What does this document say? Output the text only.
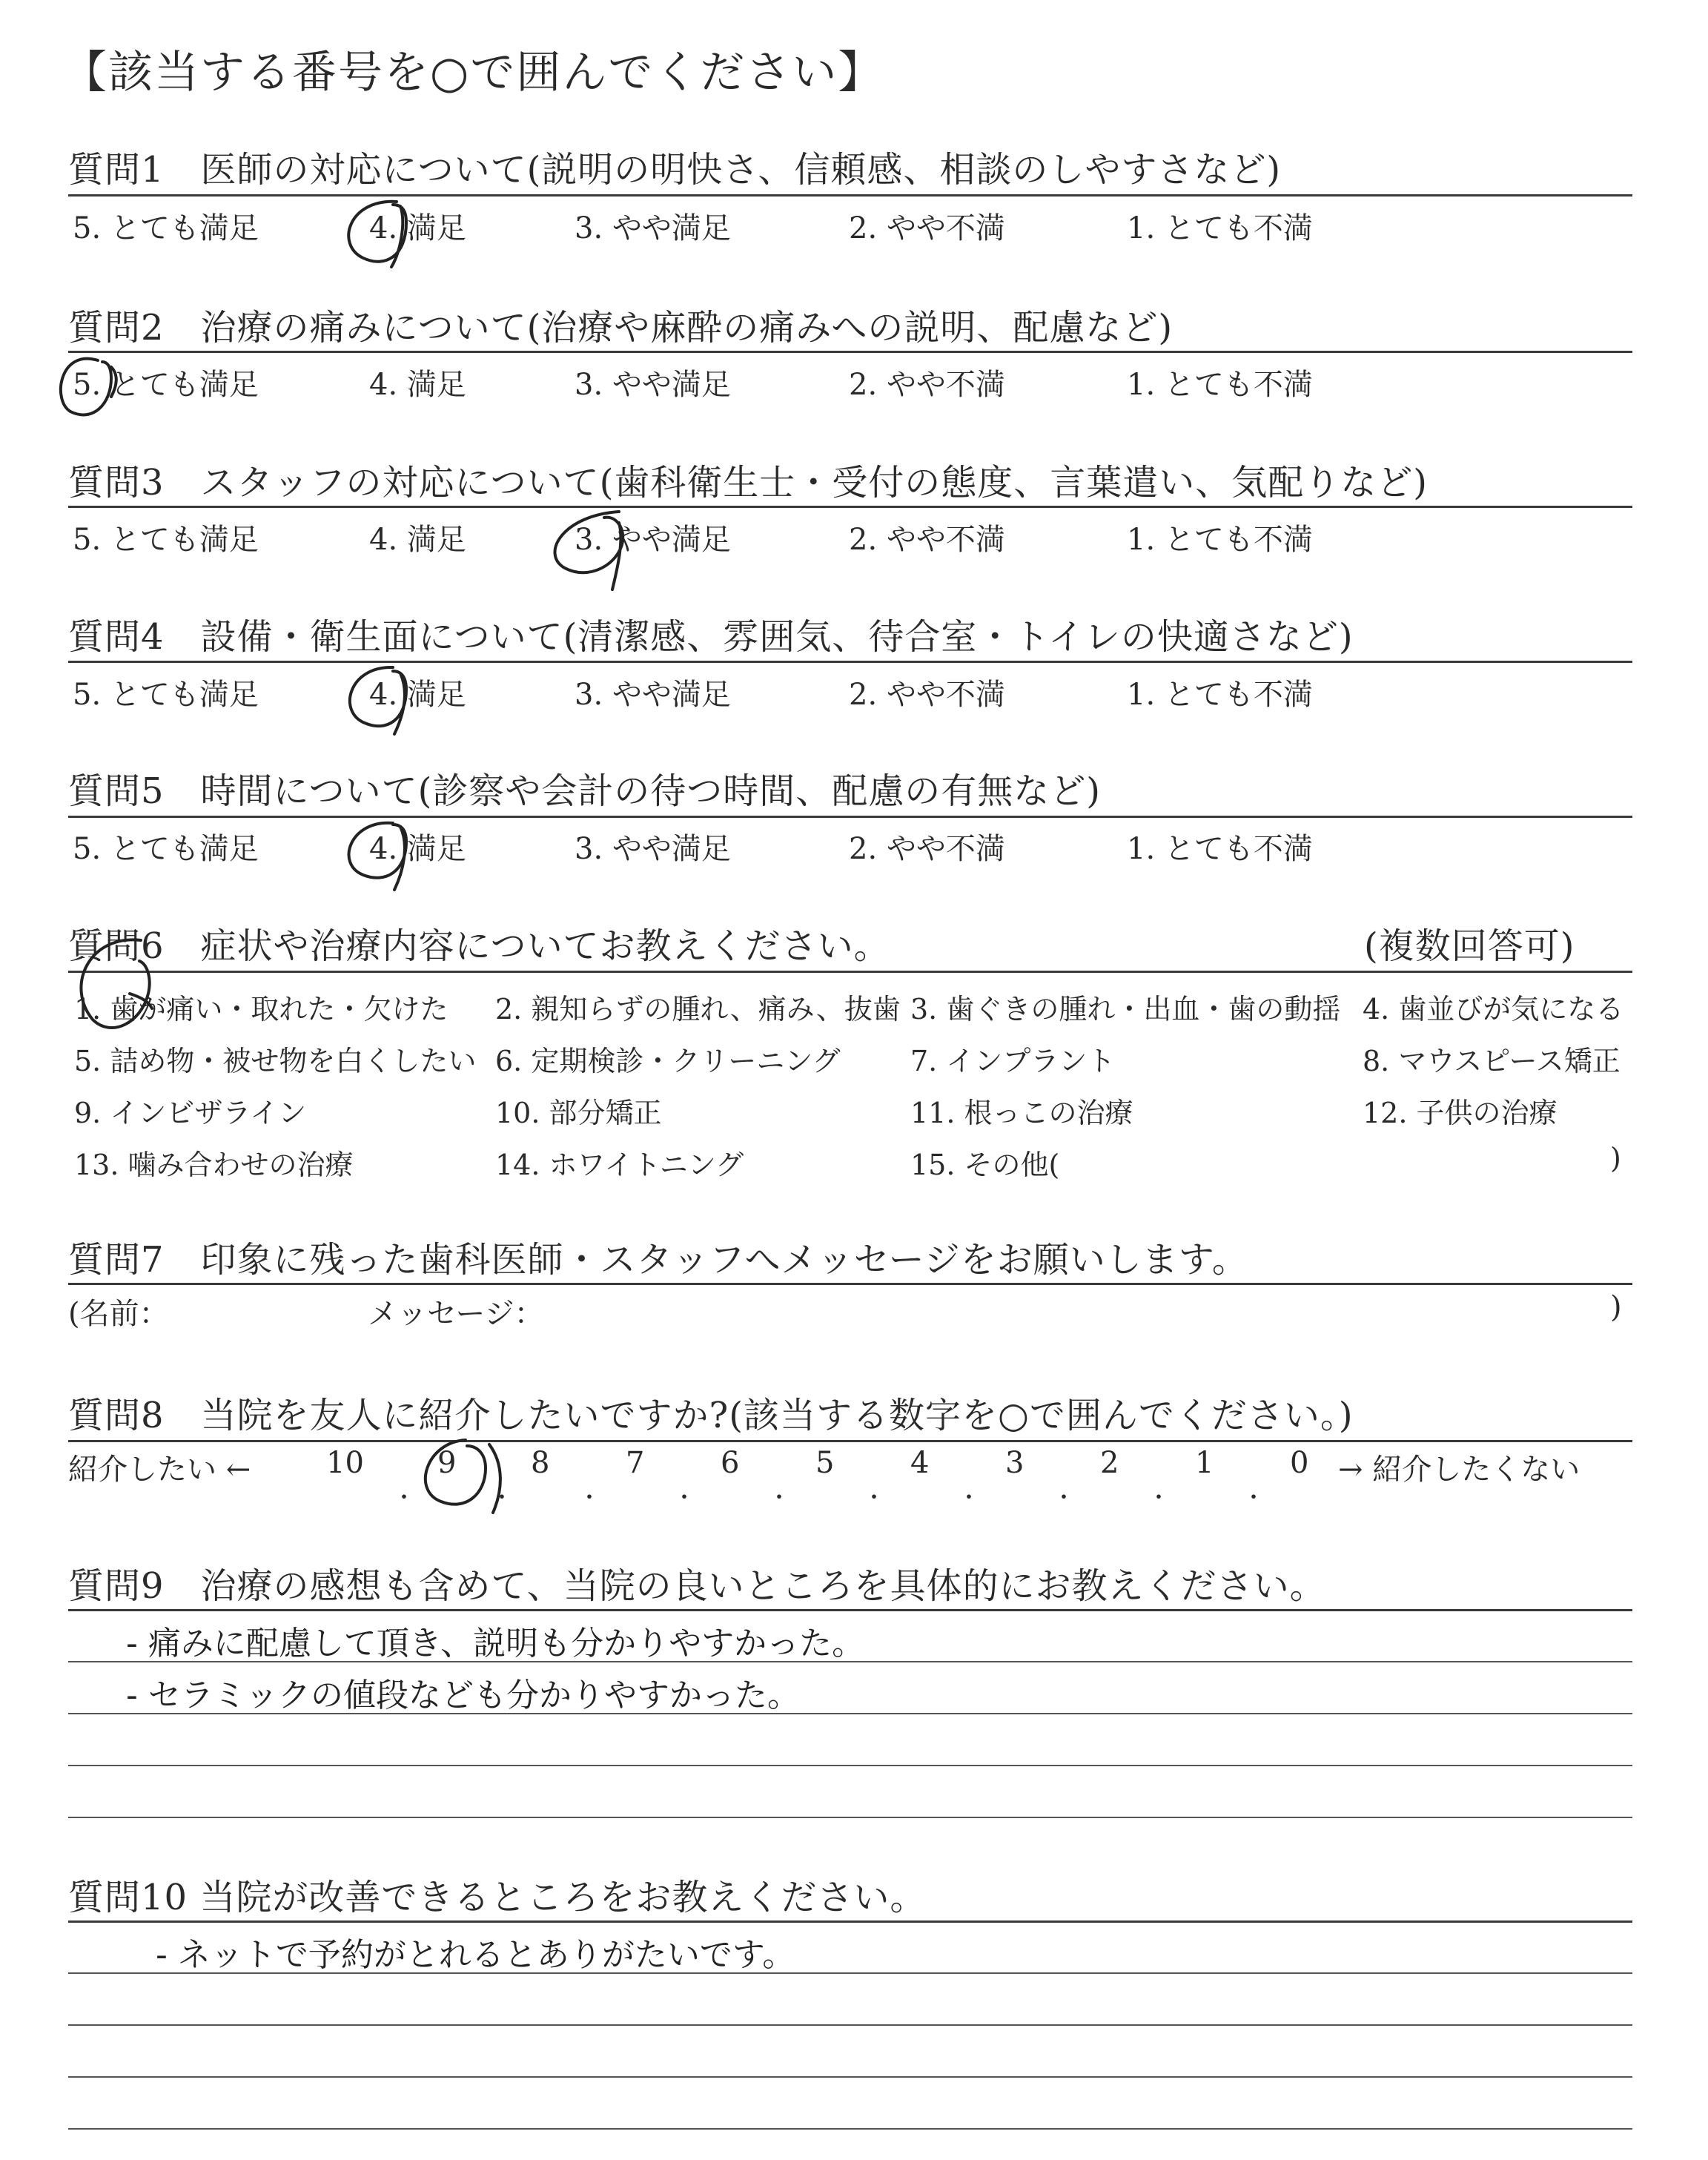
【該当する番号を○で囲んでください】
質問1　医師の対応について(説明の明快さ、信頼感、相談のしやすさなど)
5. とても満足	4. 満足	3. やや満足	2. やや不満	1. とても不満
質問2　治療の痛みについて(治療や麻酔の痛みへの説明、配慮など)
5. とても満足	4. 満足	3. やや満足	2. やや不満	1. とても不満
質問3　スタッフの対応について(歯科衛生士・受付の態度、言葉遣い、気配りなど)
5. とても満足	4. 満足	3. やや満足	2. やや不満	1. とても不満
質問4　設備・衛生面について(清潔感、雰囲気、待合室・トイレの快適さなど)
5. とても満足	4. 満足	3. やや満足	2. やや不満	1. とても不満
質問5　時間について(診察や会計の待つ時間、配慮の有無など)
5. とても満足	4. 満足	3. やや満足	2. やや不満	1. とても不満
質問6　症状や治療内容についてお教えください。	(複数回答可)
1. 歯が痛い・取れた・欠けた 2. 親知らずの腫れ、痛み、抜歯 3. 歯ぐきの腫れ・出血・歯の動揺 4. 歯並びが気になる
5. 詰め物・被せ物を白くしたい 6. 定期検診・クリーニング 7. インプラント	8. マウスピース矯正
9. インビザライン	10. 部分矯正	11. 根っこの治療	12. 子供の治療
13. 噛み合わせの治療	14. ホワイトニング	15. その他(	)
質問7　印象に残った歯科医師・スタッフへメッセージをお願いします。
(名前：	メッセージ：	)
質問8　当院を友人に紹介したいですか?(該当する数字を○で囲んでください。)
紹介したい ←	→ 紹介したくない
10
・
9
・
8
・
7
・
6
・
5
・
4
・
3
・
2
・
1
・
0
質問9　治療の感想も含めて、当院の良いところを具体的にお教えください。
- 痛みに配慮して頂き、説明も分かりやすかった。
- セラミックの値段なども分かりやすかった。
質問10 当院が改善できるところをお教えください。
- ネットで予約がとれるとありがたいです。
